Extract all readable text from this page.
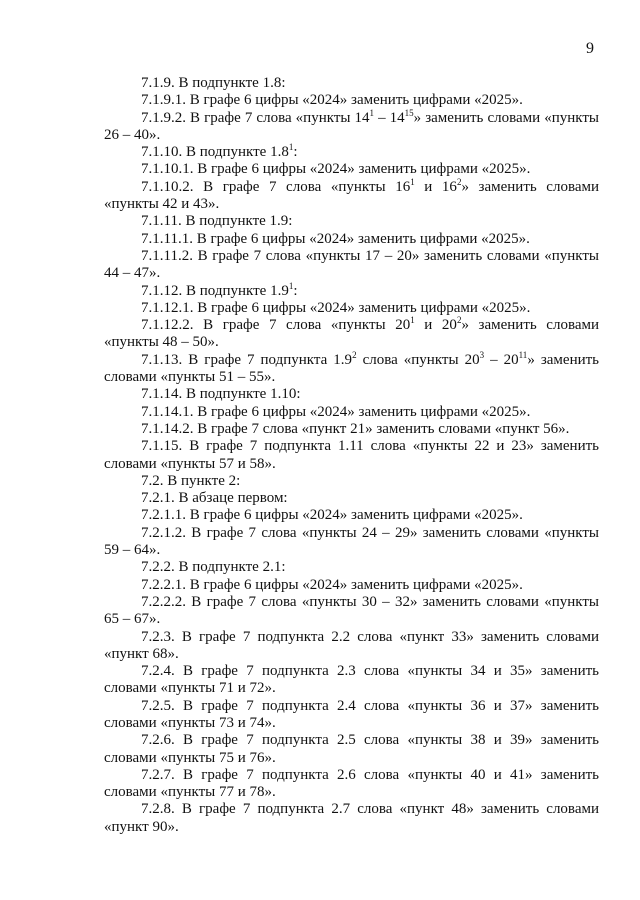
9

7.1.9. В подпункте 1.8:

7.1.9.1. В графе 6 цифры «2024» заменить цифрами «2025».

7.1.9.2. В графе 7 слова «пункты $14^1 - 14^{15}$» заменить словами «пункты 26 – 40».

7.1.10. В подпункте $1.8^1$:

7.1.10.1. В графе 6 цифры «2024» заменить цифрами «2025».

7.1.10.2. В графе 7 слова «пункты $16^1$ и $16^2$» заменить словами «пункты 42 и 43».

7.1.11. В подпункте 1.9:

7.1.11.1. В графе 6 цифры «2024» заменить цифрами «2025».

7.1.11.2. В графе 7 слова «пункты 17 – 20» заменить словами «пункты 44 – 47».

7.1.12. В подпункте $1.9^1$:

7.1.12.1. В графе 6 цифры «2024» заменить цифрами «2025».

7.1.12.2. В графе 7 слова «пункты $20^1$ и $20^2$» заменить словами «пункты 48 – 50».

7.1.13. В графе 7 подпункта $1.9^2$ слова «пункты $20^3 - 20^{11}$» заменить словами «пункты 51 – 55».

7.1.14. В подпункте 1.10:

7.1.14.1. В графе 6 цифры «2024» заменить цифрами «2025».

7.1.14.2. В графе 7 слова «пункт 21» заменить словами «пункт 56».

7.1.15. В графе 7 подпункта 1.11 слова «пункты 22 и 23» заменить словами «пункты 57 и 58».

7.2. В пункте 2:

7.2.1. В абзаце первом:

7.2.1.1. В графе 6 цифры «2024» заменить цифрами «2025».

7.2.1.2. В графе 7 слова «пункты 24 – 29» заменить словами «пункты 59 – 64».

7.2.2. В подпункте 2.1:

7.2.2.1. В графе 6 цифры «2024» заменить цифрами «2025».

7.2.2.2. В графе 7 слова «пункты 30 – 32» заменить словами «пункты 65 – 67».

7.2.3. В графе 7 подпункта 2.2 слова «пункт 33» заменить словами «пункт 68».

7.2.4. В графе 7 подпункта 2.3 слова «пункты 34 и 35» заменить словами «пункты 71 и 72».

7.2.5. В графе 7 подпункта 2.4 слова «пункты 36 и 37» заменить словами «пункты 73 и 74».

7.2.6. В графе 7 подпункта 2.5 слова «пункты 38 и 39» заменить словами «пункты 75 и 76».

7.2.7. В графе 7 подпункта 2.6 слова «пункты 40 и 41» заменить словами «пункты 77 и 78».

7.2.8. В графе 7 подпункта 2.7 слова «пункт 48» заменить словами «пункт 90».
